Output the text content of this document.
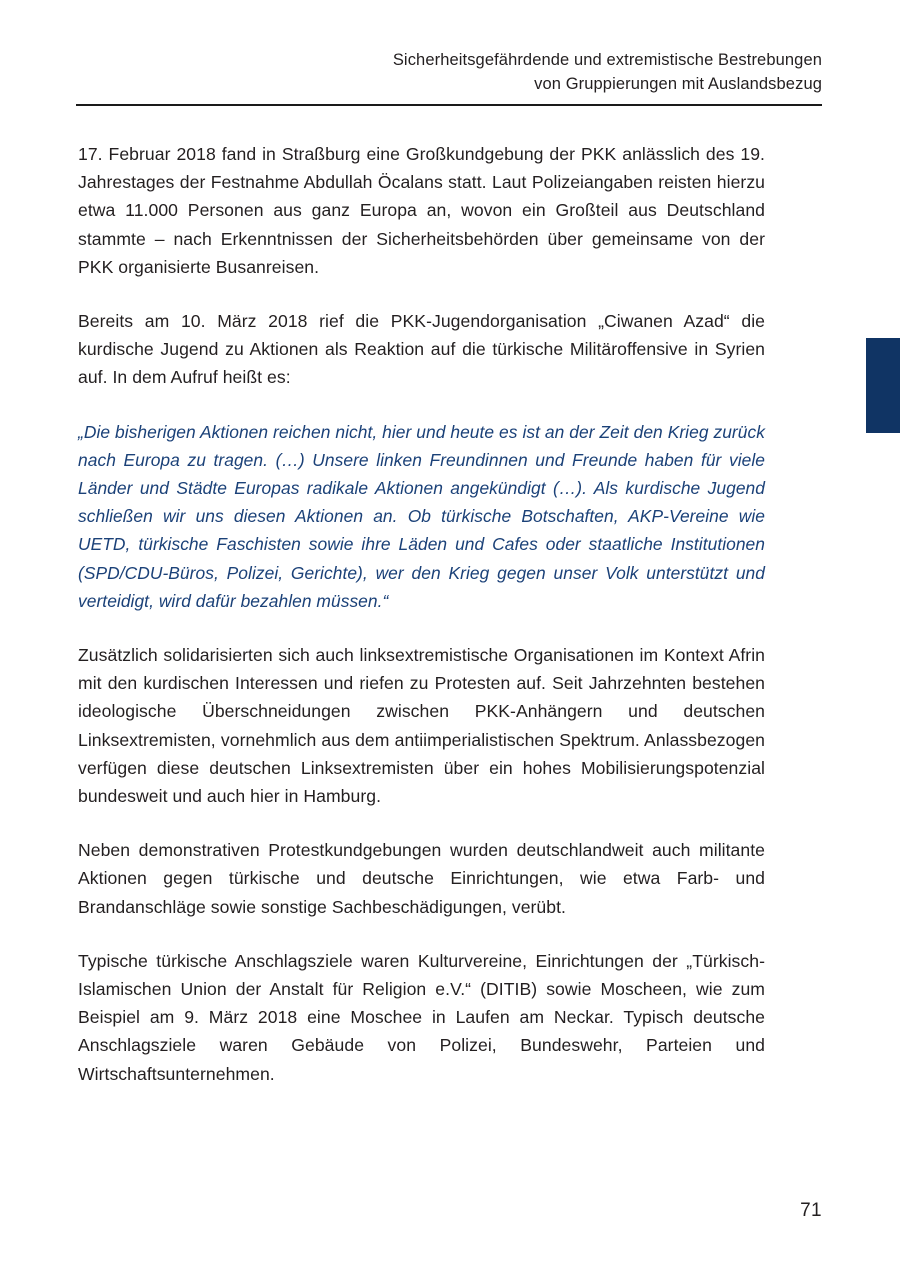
Sicherheitsgefährdende und extremistische Bestrebungen
von Gruppierungen mit Auslandsbezug

17. Februar 2018 fand in Straßburg eine Großkundgebung der PKK anlässlich des 19. Jahrestages der Festnahme Abdullah Öcalans statt. Laut Polizeiangaben reisten hierzu etwa 11.000 Personen aus ganz Europa an, wovon ein Großteil aus Deutschland stammte – nach Erkenntnissen der Sicherheitsbehörden über gemeinsame von der PKK organisierte Busanreisen.

Bereits am 10. März 2018 rief die PKK-Jugendorganisation „Ciwanen Azad“ die kurdische Jugend zu Aktionen als Reaktion auf die türkische Militäroffensive in Syrien auf. In dem Aufruf heißt es:

„Die bisherigen Aktionen reichen nicht, hier und heute es ist an der Zeit den Krieg zurück nach Europa zu tragen. (…) Unsere linken Freundinnen und Freunde haben für viele Länder und Städte Europas radikale Aktionen angekündigt (…). Als kurdische Jugend schließen wir uns diesen Aktionen an. Ob türkische Botschaften, AKP-Vereine wie UETD, türkische Faschisten sowie ihre Läden und Cafes oder staatliche Institutionen (SPD/CDU-Büros, Polizei, Gerichte), wer den Krieg gegen unser Volk unterstützt und verteidigt, wird dafür bezahlen müssen.“

Zusätzlich solidarisierten sich auch linksextremistische Organisationen im Kontext Afrin mit den kurdischen Interessen und riefen zu Protesten auf. Seit Jahrzehnten bestehen ideologische Überschneidungen zwischen PKK-Anhängern und deutschen Linksextremisten, vornehmlich aus dem antiimperialistischen Spektrum. Anlassbezogen verfügen diese deutschen Linksextremisten über ein hohes Mobilisierungspotenzial bundesweit und auch hier in Hamburg.

Neben demonstrativen Protestkundgebungen wurden deutschlandweit auch militante Aktionen gegen türkische und deutsche Einrichtungen, wie etwa Farb- und Brandanschläge sowie sonstige Sachbeschädigungen, verübt.

Typische türkische Anschlagsziele waren Kulturvereine, Einrichtungen der „Türkisch-Islamischen Union der Anstalt für Religion e.V.“ (DITIB) sowie Moscheen, wie zum Beispiel am 9. März 2018 eine Moschee in Laufen am Neckar. Typisch deutsche Anschlagsziele waren Gebäude von Polizei, Bundeswehr, Parteien und Wirtschaftsunternehmen.

71
